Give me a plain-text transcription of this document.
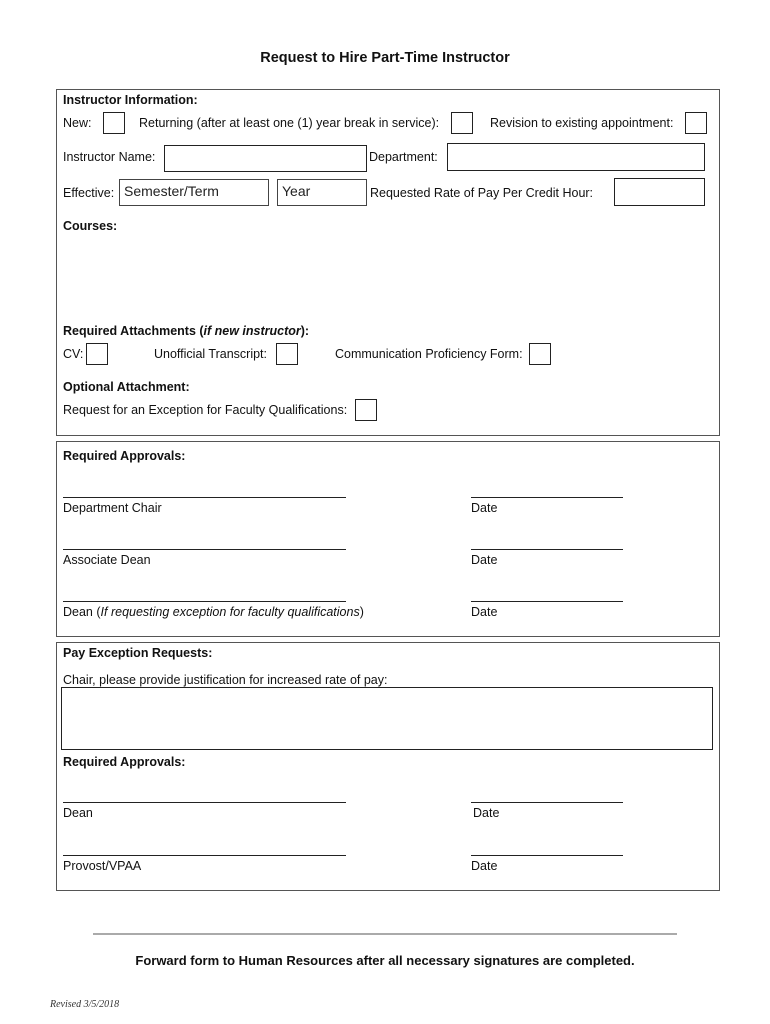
Request to Hire Part-Time Instructor
Instructor Information:
New:	Returning (after at least one (1) year break in service):	Revision to existing appointment:
Instructor Name:	Department:
Effective: Semester/Term	Year	Requested Rate of Pay Per Credit Hour:
Courses:
Required Attachments (if new instructor):
CV:	Unofficial Transcript:	Communication Proficiency Form:
Optional Attachment:
Request for an Exception for Faculty Qualifications:
Required Approvals:
Department Chair	Date
Associate Dean	Date
Dean (If requesting exception for faculty qualifications)	Date
Pay Exception Requests:
Chair, please provide justification for increased rate of pay:
Required Approvals:
Dean	Date
Provost/VPAA	Date
Forward form to Human Resources after all necessary signatures are completed.
Revised 3/5/2018
